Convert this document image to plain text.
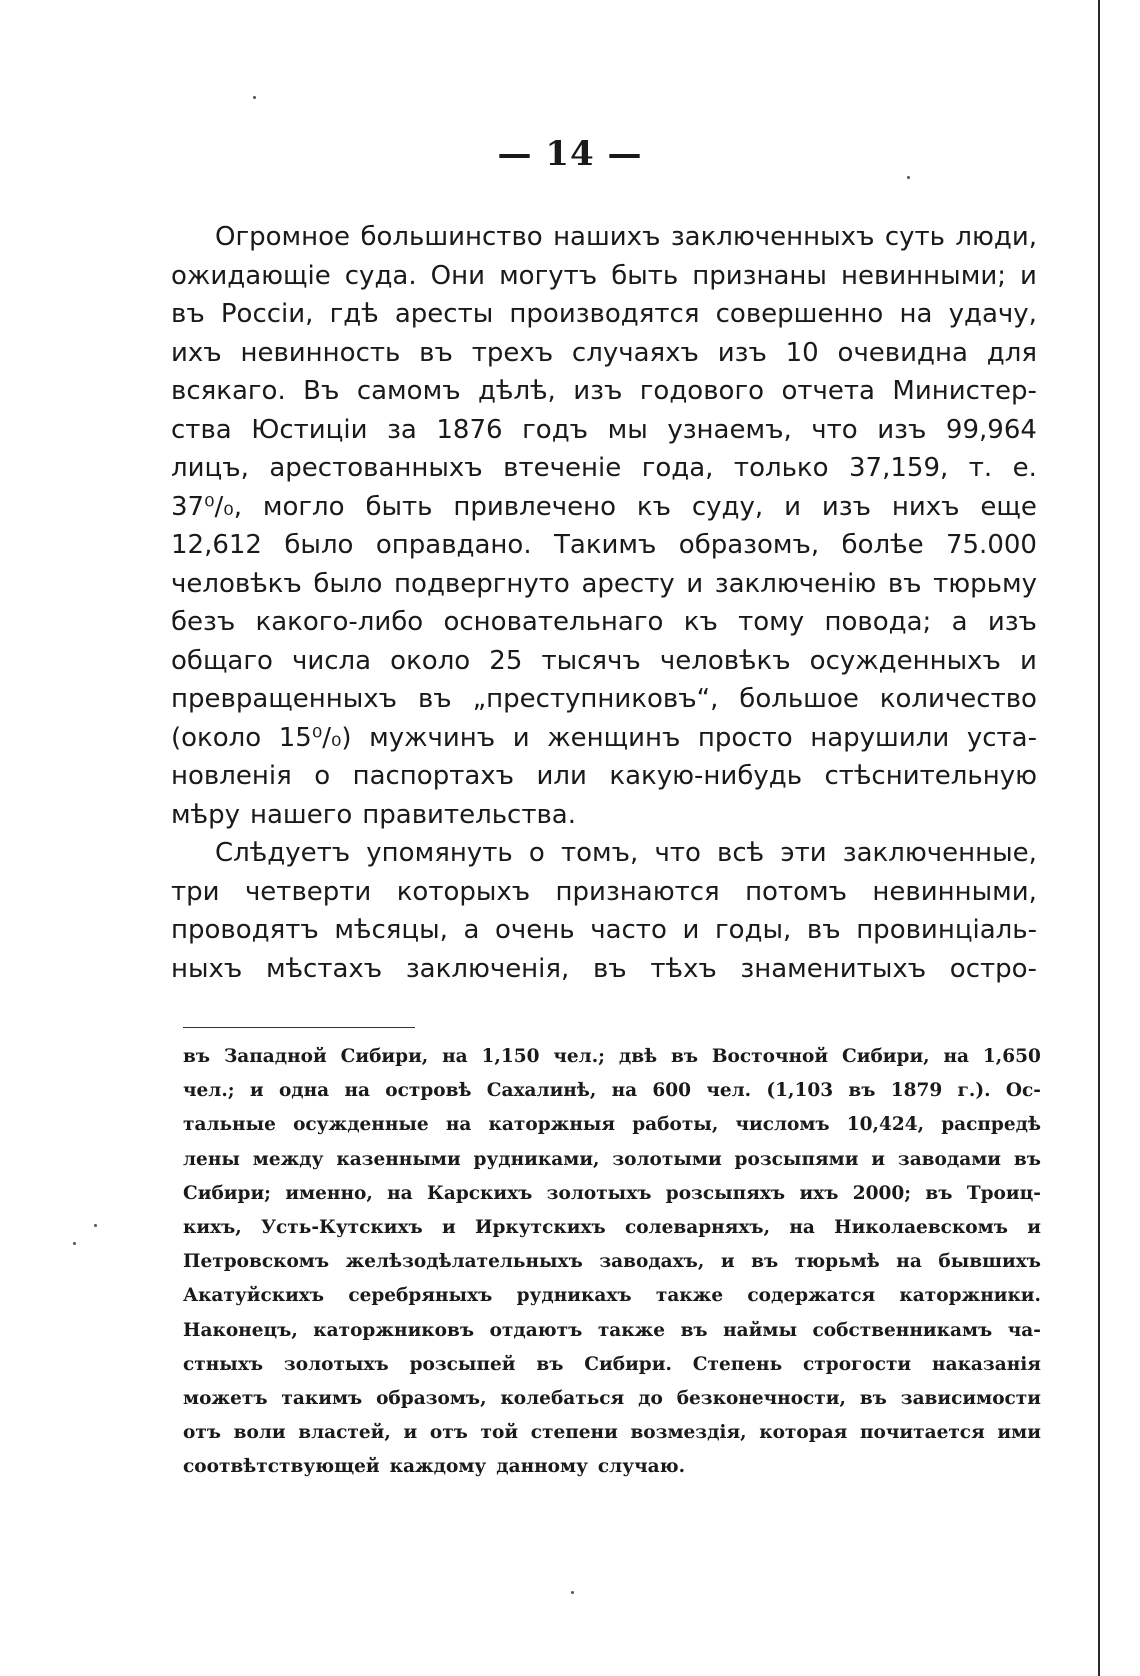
— 14 —
Огромное большинство нашихъ заключенныхъ суть люди,
ожидающіе суда. Они могутъ быть признаны невинными; и
въ Россіи, гдѣ аресты производятся совершенно на удачу,
ихъ невинность въ трехъ случаяхъ изъ 10 очевидна для
всякаго. Въ самомъ дѣлѣ, изъ годового отчета Министер-
ства Юстиціи за 1876 годъ мы узнаемъ, что изъ 99,964
лицъ, арестованныхъ втеченіе года, только 37,159, т. е.
37⁰/₀, могло быть привлечено къ суду, и изъ нихъ еще
12,612 было оправдано. Такимъ образомъ, болѣе 75.000
человѣкъ было подвергнуто аресту и заключенію въ тюрьму
безъ какого-либо основательнаго къ тому поводa; а изъ
общаго числа около 25 тысячъ человѣкъ осужденныхъ и
превращенныхъ въ „преступниковъ“, большое количество
(около 15⁰/₀) мужчинъ и женщинъ просто нарушили уста-
новленія о паспортахъ или какую-нибудь стѣснительную
мѣру нашего правительства.
Слѣдуетъ упомянуть о томъ, что всѣ эти заключенные,
три четверти которыхъ признаются потомъ невинными,
проводятъ мѣсяцы, а очень часто и годы, въ провинціаль-
ныхъ мѣстахъ заключенія, въ тѣхъ знаменитыхъ остро-
въ Западной Сибири, на 1,150 чел.; двѣ въ Восточной Сибири, на 1,650
чел.; и одна на островѣ Сахалинѣ, на 600 чел. (1,103 въ 1879 г.). Ос-
тальные осужденные на каторжныя работы, числомъ 10,424, распредѣ
лены между казенными рудниками, золотыми розсыпями и заводами въ
Сибири; именно, на Карскихъ золотыхъ розсыпяхъ ихъ 2000; въ Троиц-
кихъ, Усть-Кутскихъ и Иркутскихъ солеварняхъ, на Николаевскомъ и
Петровскомъ желѣзодѣлательныхъ заводахъ, и въ тюрьмѣ на бывшихъ
Акатуйскихъ серебряныхъ рудникахъ также содержатся каторжники.
Наконецъ, каторжниковъ отдаютъ также въ наймы собственникамъ ча-
стныхъ золотыхъ розсыпей въ Сибири. Степень строгости наказанія
можетъ такимъ образомъ, колебаться до безконечности, въ зависимости
отъ воли властей, и отъ той степени возмездія, которая почитается ими
соотвѣтствующей каждому данному случаю.
